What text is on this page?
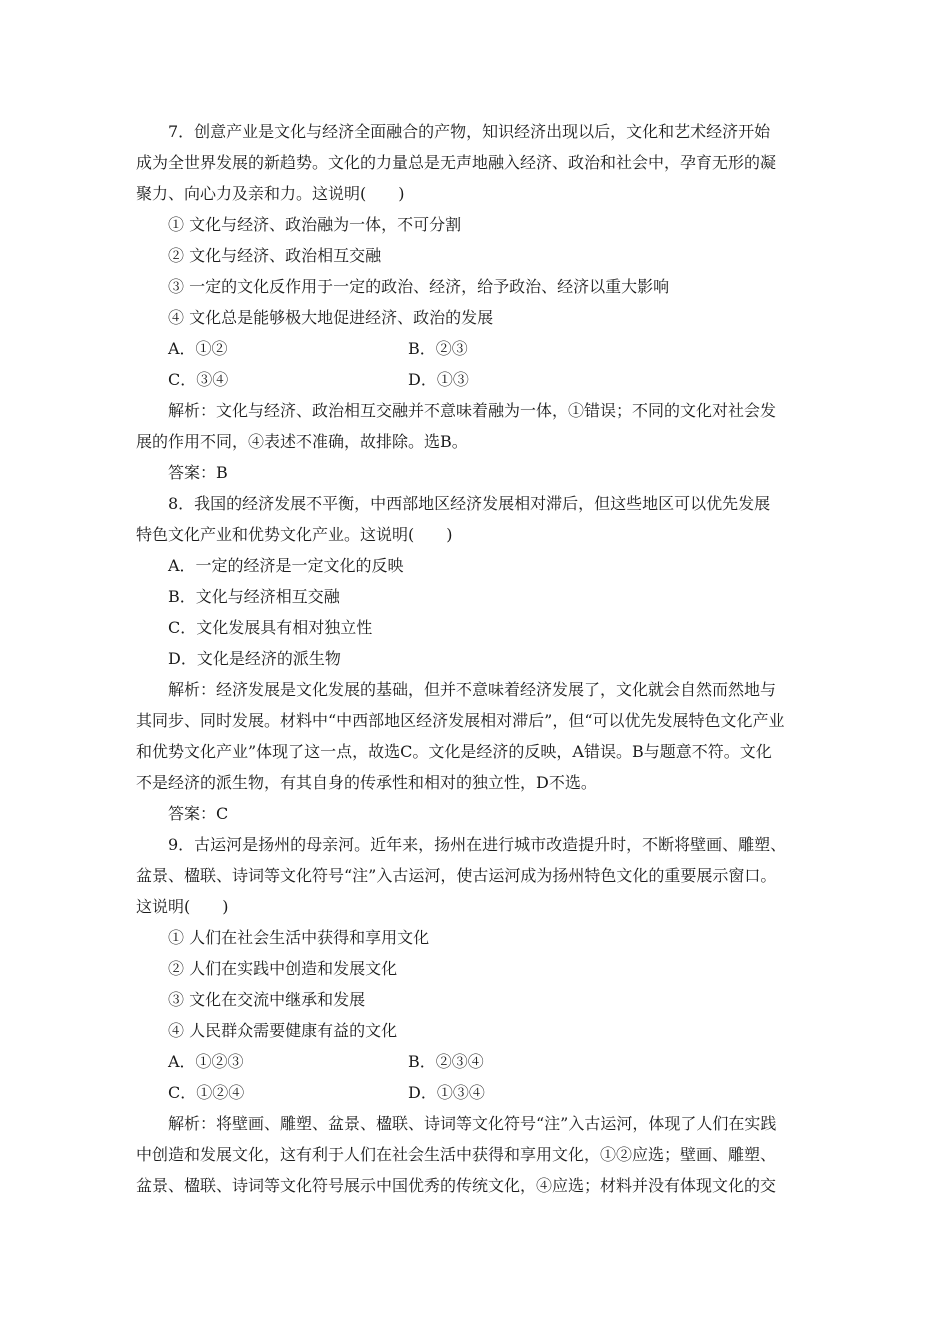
7．创意产业是文化与经济全面融合的产物，知识经济出现以后，文化和艺术经济开始
成为全世界发展的新趋势。文化的力量总是无声地融入经济、政治和社会中，孕育无形的凝
聚力、向心力及亲和力。这说明(　　)
① 文化与经济、政治融为一体，不可分割
② 文化与经济、政治相互交融
③ 一定的文化反作用于一定的政治、经济，给予政治、经济以重大影响
④ 文化总是能够极大地促进经济、政治的发展
A．①②	B．②③
C．③④	D．①③
解析：文化与经济、政治相互交融并不意味着融为一体，①错误；不同的文化对社会发
展的作用不同，④表述不准确，故排除。选B。
答案：B
8．我国的经济发展不平衡，中西部地区经济发展相对滞后，但这些地区可以优先发展
特色文化产业和优势文化产业。这说明(　　)
A．一定的经济是一定文化的反映
B．文化与经济相互交融
C．文化发展具有相对独立性
D．文化是经济的派生物
解析：经济发展是文化发展的基础，但并不意味着经济发展了，文化就会自然而然地与
其同步、同时发展。材料中“中西部地区经济发展相对滞后”，但“可以优先发展特色文化产业
和优势文化产业”体现了这一点，故选C。文化是经济的反映，A错误。B与题意不符。文化
不是经济的派生物，有其自身的传承性和相对的独立性，D不选。
答案：C
9．古运河是扬州的母亲河。近年来，扬州在进行城市改造提升时，不断将壁画、雕塑、
盆景、楹联、诗词等文化符号“注”入古运河，使古运河成为扬州特色文化的重要展示窗口。
这说明(　　)
① 人们在社会生活中获得和享用文化
② 人们在实践中创造和发展文化
③ 文化在交流中继承和发展
④ 人民群众需要健康有益的文化
A．①②③	B．②③④
C．①②④	D．①③④
解析：将壁画、雕塑、盆景、楹联、诗词等文化符号“注”入古运河，体现了人们在实践
中创造和发展文化，这有利于人们在社会生活中获得和享用文化，①②应选；壁画、雕塑、
盆景、楹联、诗词等文化符号展示中国优秀的传统文化，④应选；材料并没有体现文化的交
